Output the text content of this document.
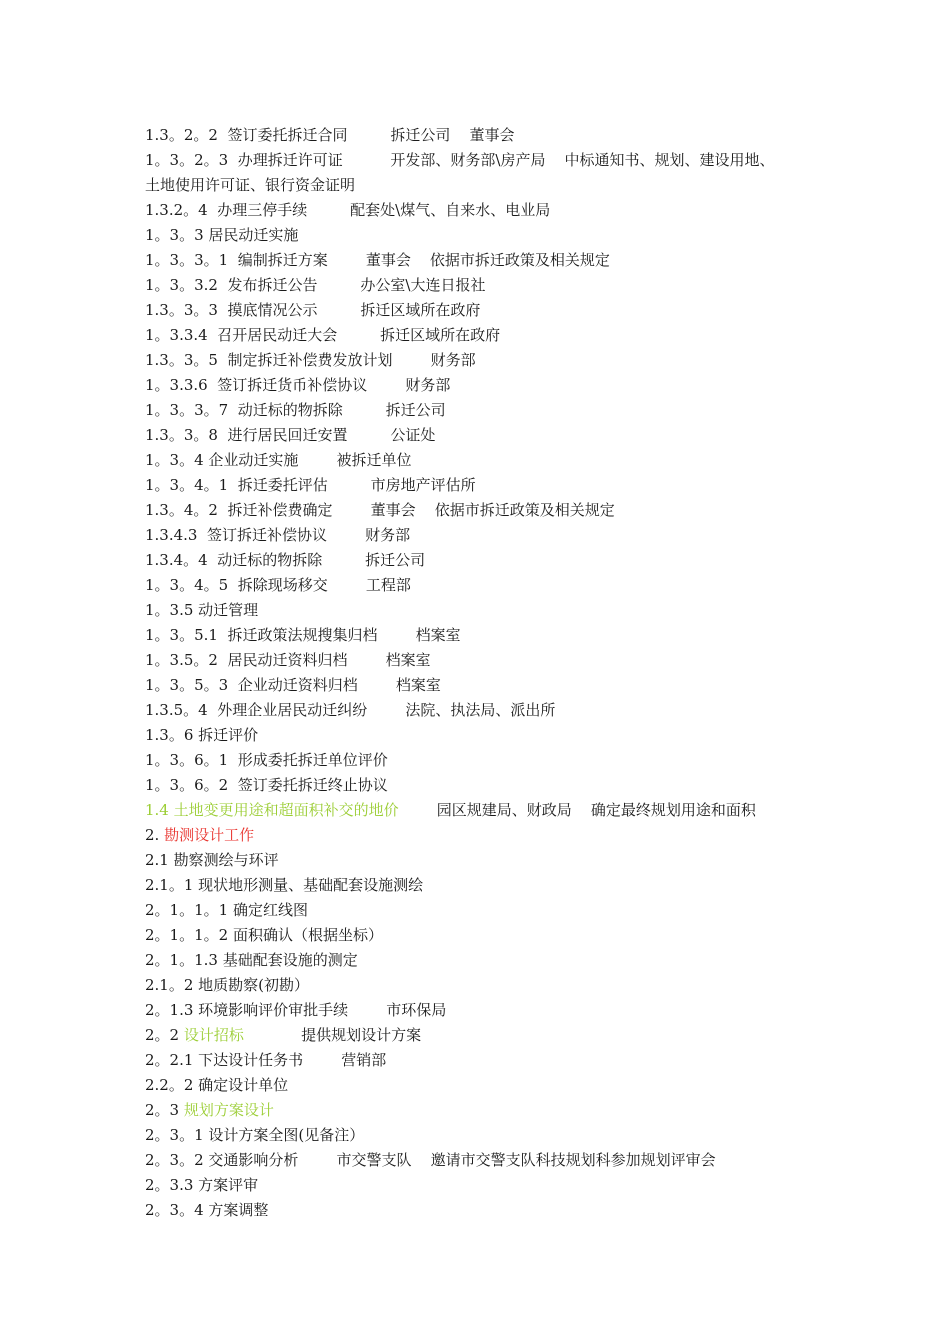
1.3。2。2  签订委托拆迁合同         拆迁公司    董事会
1。3。2。3  办理拆迁许可证          开发部、财务部\房产局    中标通知书、规划、建设用地、
土地使用许可证、银行资金证明
1.3.2。4  办理三停手续         配套处\煤气、自来水、电业局
1。3。3 居民动迁实施
1。3。3。1  编制拆迁方案        董事会    依据市拆迁政策及相关规定
1。3。3.2  发布拆迁公告         办公室\大连日报社
1.3。3。3  摸底情况公示         拆迁区域所在政府
1。3.3.4  召开居民动迁大会         拆迁区域所在政府
1.3。3。5  制定拆迁补偿费发放计划        财务部
1。3.3.6  签订拆迁货币补偿协议        财务部
1。3。3。7  动迁标的物拆除         拆迁公司
1.3。3。8  进行居民回迁安置         公证处
1。3。4 企业动迁实施        被拆迁单位
1。3。4。1  拆迁委托评估         市房地产评估所
1.3。4。2  拆迁补偿费确定        董事会    依据市拆迁政策及相关规定
1.3.4.3  签订拆迁补偿协议        财务部
1.3.4。4  动迁标的物拆除         拆迁公司
1。3。4。5  拆除现场移交        工程部
1。3.5 动迁管理
1。3。5.1  拆迁政策法规搜集归档        档案室
1。3.5。2  居民动迁资料归档        档案室
1。3。5。3  企业动迁资料归档        档案室
1.3.5。4  外理企业居民动迁纠纷        法院、执法局、派出所
1.3。6 拆迁评价
1。3。6。1  形成委托拆迁单位评价
1。3。6。2  签订委托拆迁终止协议
1.4 土地变更用途和超面积补交的地价        园区规建局、财政局    确定最终规划用途和面积
2. 勘测设计工作
2.1 勘察测绘与环评
2.1。1 现状地形测量、基础配套设施测绘
2。1。1。1 确定红线图
2。1。1。2 面积确认（根据坐标）
2。1。1.3 基础配套设施的测定
2.1。2 地质勘察(初勘）
2。1.3 环境影响评价审批手续        市环保局
2。2 设计招标            提供规划设计方案
2。2.1 下达设计任务书        营销部
2.2。2 确定设计单位
2。3 规划方案设计
2。3。1 设计方案全图(见备注）
2。3。2 交通影响分析        市交警支队    邀请市交警支队科技规划科参加规划评审会
2。3.3 方案评审
2。3。4 方案调整
